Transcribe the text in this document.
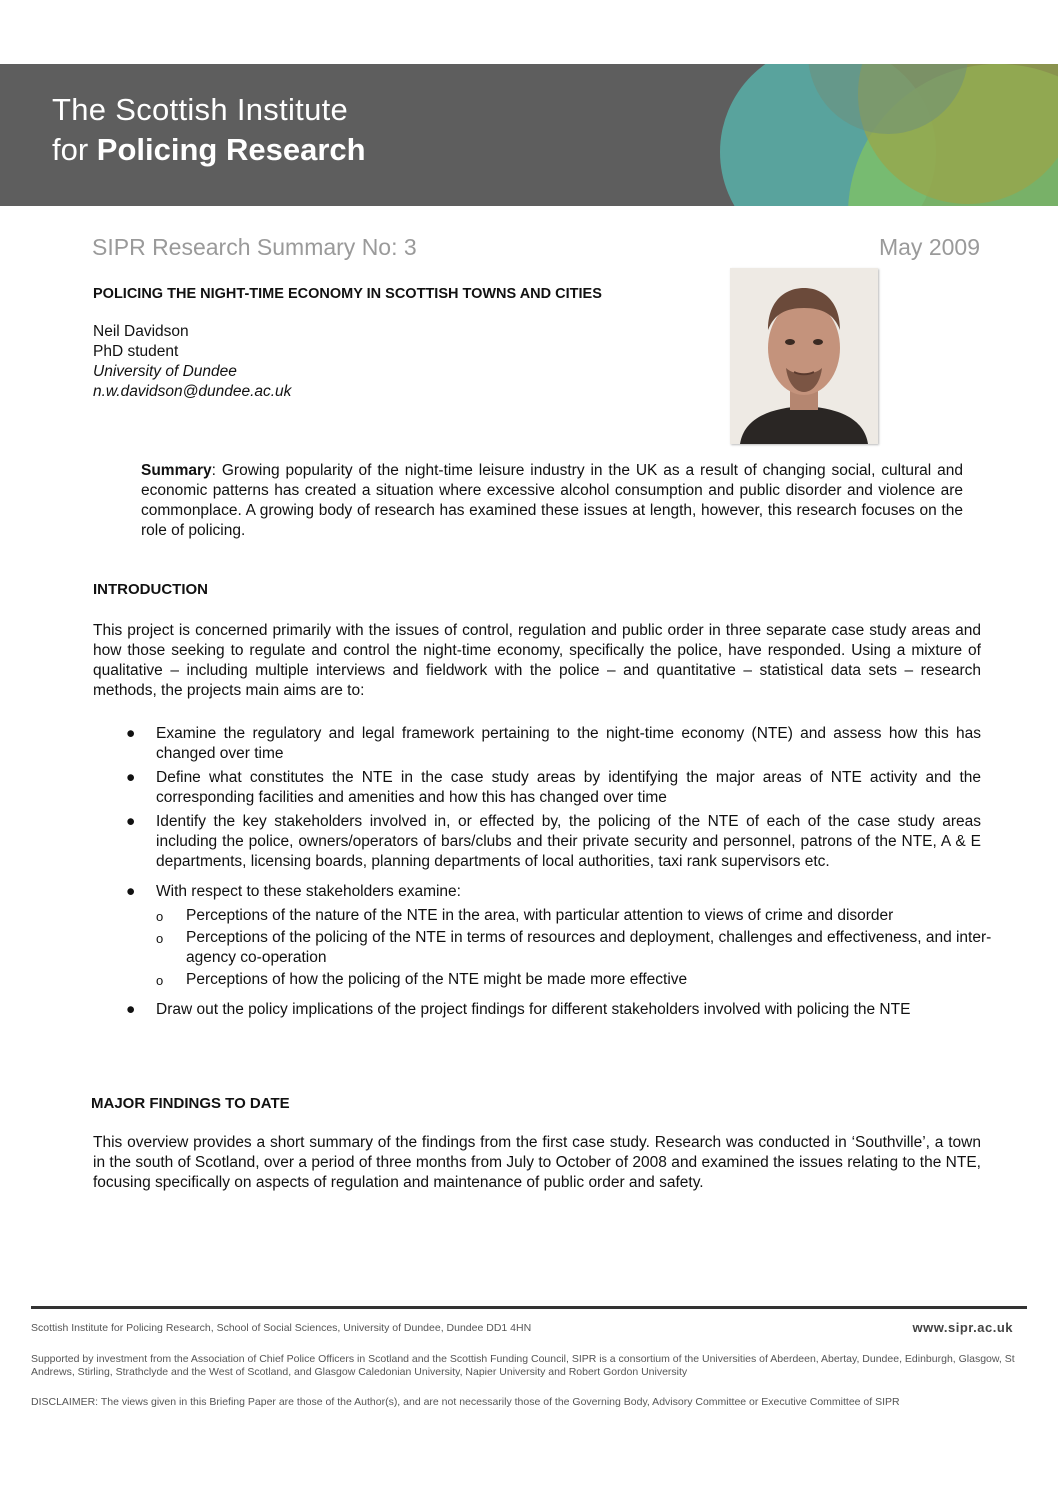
The Scottish Institute
for Policing Research
SIPR Research Summary No: 3	May 2009
POLICING THE NIGHT-TIME ECONOMY IN SCOTTISH TOWNS AND CITIES
Neil Davidson
PhD student
University of Dundee
n.w.davidson@dundee.ac.uk
Summary: Growing popularity of the night-time leisure industry in the UK as a result of changing social, cultural and economic patterns has created a situation where excessive alcohol consumption and public disorder and violence are commonplace. A growing body of research has examined these issues at length, however, this research focuses on the role of policing.
INTRODUCTION
This project is concerned primarily with the issues of control, regulation and public order in three separate case study areas and how those seeking to regulate and control the night-time economy, specifically the police, have responded. Using a mixture of qualitative – including multiple interviews and fieldwork with the police – and quantitative – statistical data sets – research methods, the projects main aims are to:
● Examine the regulatory and legal framework pertaining to the night-time economy (NTE) and assess how this has changed over time
● Define what constitutes the NTE in the case study areas by identifying the major areas of NTE activity and the corresponding facilities and amenities and how this has changed over time
● Identify the key stakeholders involved in, or effected by, the policing of the NTE of each of the case study areas including the police, owners/operators of bars/clubs and their private security and personnel, patrons of the NTE, A & E departments, licensing boards, planning departments of local authorities, taxi rank supervisors etc.
● With respect to these stakeholders examine:
o Perceptions of the nature of the NTE in the area, with particular attention to views of crime and disorder
o Perceptions of the policing of the NTE in terms of resources and deployment, challenges and effectiveness, and inter-agency co-operation
o Perceptions of how the policing of the NTE might be made more effective
● Draw out the policy implications of the project findings for different stakeholders involved with policing the NTE
MAJOR FINDINGS TO DATE
This overview provides a short summary of the findings from the first case study. Research was conducted in ‘Southville’, a town in the south of Scotland, over a period of three months from July to October of 2008 and examined the issues relating to the NTE, focusing specifically on aspects of regulation and maintenance of public order and safety.
Scottish Institute for Policing Research, School of Social Sciences, University of Dundee, Dundee DD1 4HN	www.sipr.ac.uk
Supported by investment from the Association of Chief Police Officers in Scotland and the Scottish Funding Council, SIPR is a consortium of the Universities of Aberdeen, Abertay, Dundee, Edinburgh, Glasgow, St Andrews, Stirling, Strathclyde and the West of Scotland, and Glasgow Caledonian University, Napier University and Robert Gordon University
DISCLAIMER: The views given in this Briefing Paper are those of the Author(s), and are not necessarily those of the Governing Body, Advisory Committee or Executive Committee of SIPR
